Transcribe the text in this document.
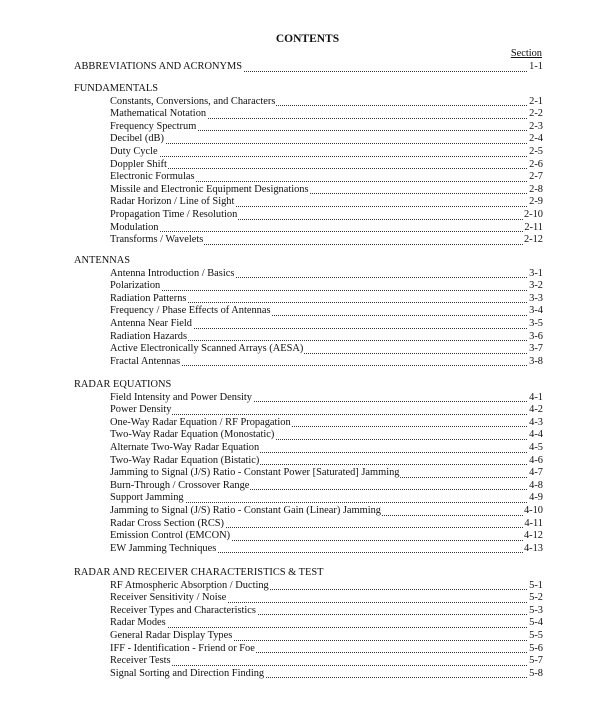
CONTENTS
Section
ABBREVIATIONS AND ACRONYMS	1-1
FUNDAMENTALS
Constants, Conversions, and Characters	2-1
Mathematical Notation	2-2
Frequency Spectrum	2-3
Decibel (dB)	2-4
Duty Cycle	2-5
Doppler Shift	2-6
Electronic Formulas	2-7
Missile and Electronic Equipment Designations	2-8
Radar Horizon / Line of Sight	2-9
Propagation Time / Resolution	2-10
Modulation	2-11
Transforms / Wavelets	2-12
ANTENNAS
Antenna Introduction / Basics	3-1
Polarization	3-2
Radiation Patterns	3-3
Frequency / Phase Effects of Antennas	3-4
Antenna Near Field	3-5
Radiation Hazards	3-6
Active Electronically Scanned Arrays (AESA)	3-7
Fractal Antennas	3-8
RADAR EQUATIONS
Field Intensity and Power Density	4-1
Power Density	4-2
One-Way Radar Equation / RF Propagation	4-3
Two-Way Radar Equation (Monostatic)	4-4
Alternate Two-Way Radar Equation	4-5
Two-Way Radar Equation (Bistatic)	4-6
Jamming to Signal (J/S) Ratio - Constant Power [Saturated] Jamming	4-7
Burn-Through / Crossover Range	4-8
Support Jamming	4-9
Jamming to Signal (J/S) Ratio - Constant Gain (Linear) Jamming	4-10
Radar Cross Section (RCS)	4-11
Emission Control (EMCON)	4-12
EW Jamming Techniques	4-13
RADAR AND RECEIVER CHARACTERISTICS & TEST
RF Atmospheric Absorption / Ducting	5-1
Receiver Sensitivity / Noise	5-2
Receiver Types and Characteristics	5-3
Radar Modes	5-4
General Radar Display Types	5-5
IFF - Identification - Friend or Foe	5-6
Receiver Tests	5-7
Signal Sorting and Direction Finding	5-8
